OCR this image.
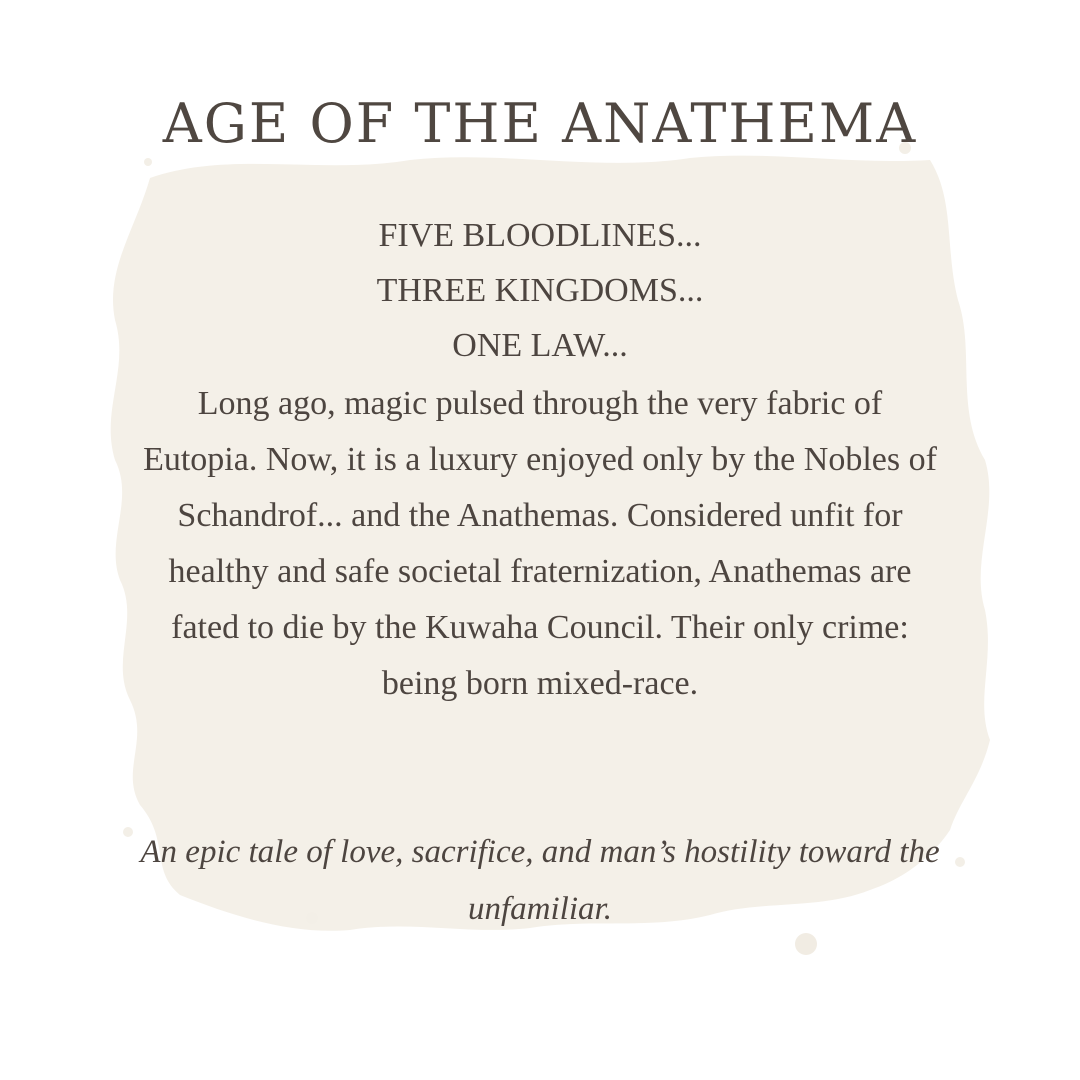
AGE OF THE ANATHEMA
FIVE BLOODLINES...
THREE KINGDOMS...
ONE LAW...

Long ago, magic pulsed through the very fabric of Eutopia. Now, it is a luxury enjoyed only by the Nobles of Schandrof... and the Anathemas. Considered unfit for healthy and safe societal fraternization, Anathemas are fated to die by the Kuwaha Council. Their only crime: being born mixed-race.

An epic tale of love, sacrifice, and man’s hostility toward the unfamiliar.
